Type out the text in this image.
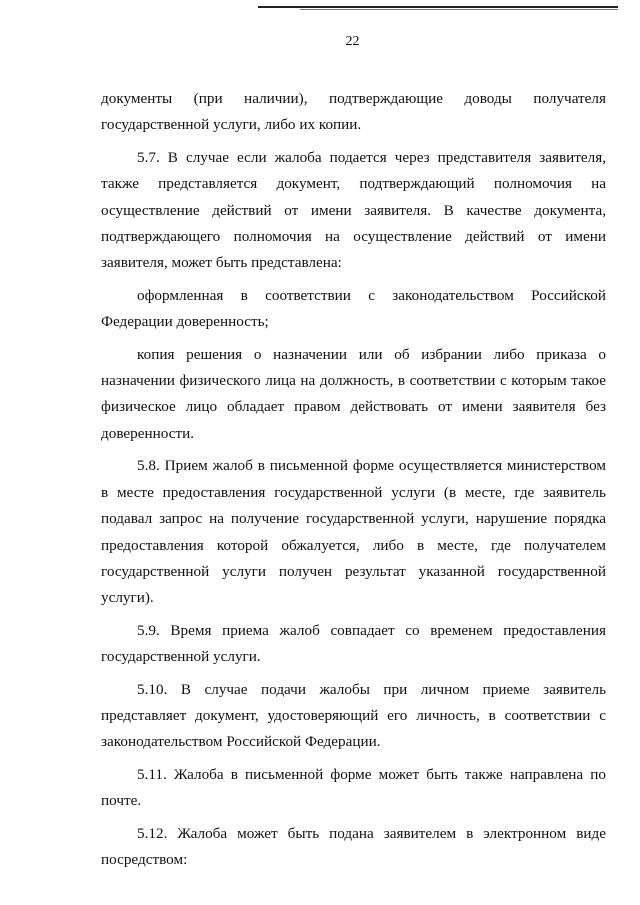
22

документы (при наличии), подтверждающие доводы получателя государственной услуги, либо их копии.

5.7. В случае если жалоба подается через представителя заявителя, также представляется документ, подтверждающий полномочия на осуществление действий от имени заявителя. В качестве документа, подтверждающего полномочия на осуществление действий от имени заявителя, может быть представлена:

оформленная в соответствии с законодательством Российской Федерации доверенность;

копия решения о назначении или об избрании либо приказа о назначении физического лица на должность, в соответствии с которым такое физическое лицо обладает правом действовать от имени заявителя без доверенности.

5.8. Прием жалоб в письменной форме осуществляется министерством в месте предоставления государственной услуги (в месте, где заявитель подавал запрос на получение государственной услуги, нарушение порядка предоставления которой обжалуется, либо в месте, где получателем государственной услуги получен результат указанной государственной услуги).

5.9. Время приема жалоб совпадает со временем предоставления государственной услуги.

5.10. В случае подачи жалобы при личном приеме заявитель представляет документ, удостоверяющий его личность, в соответствии с законодательством Российской Федерации.

5.11. Жалоба в письменной форме может быть также направлена по почте.

5.12. Жалоба может быть подана заявителем в электронном виде посредством:
